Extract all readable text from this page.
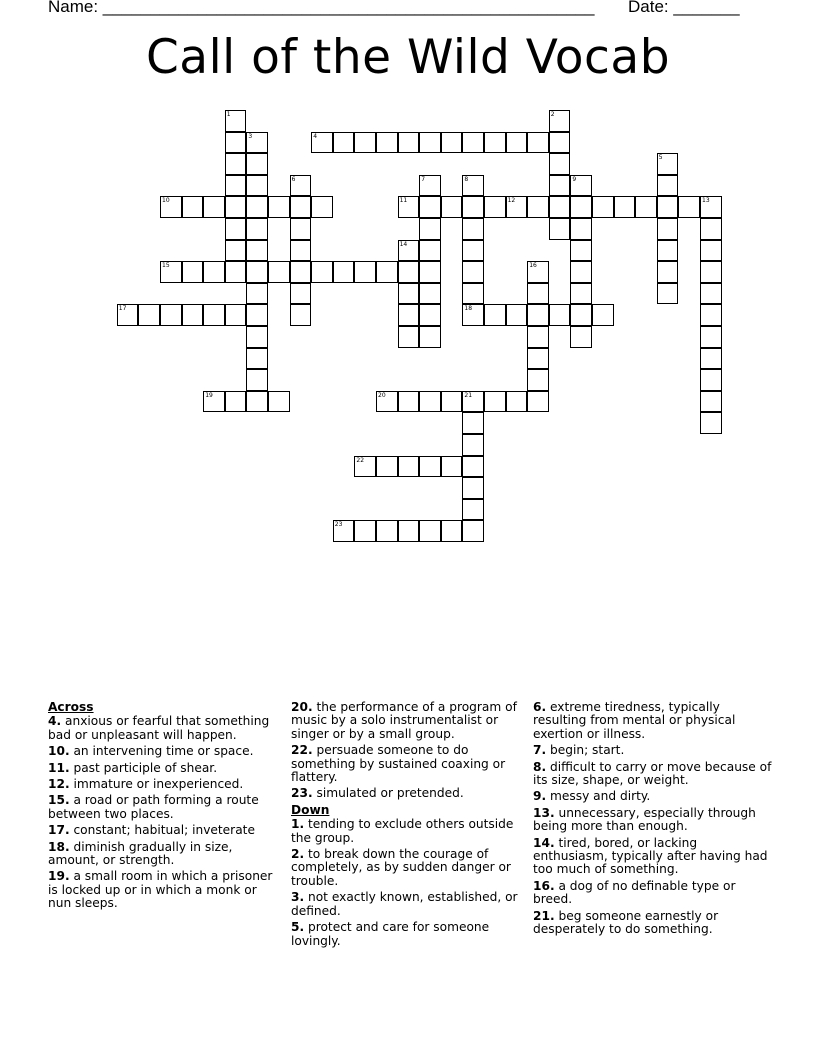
Name: ____________________________________________________ Date: _______
Call of the Wild Vocab
1	2
3	4
5
6	7	8
18
9
10	11	12	13
14
15	16
17
19	20	21
22
23
Across
4. anxious or fearful that something bad or unpleasant will happen.
10. an intervening time or space.
11. past participle of shear.
12. immature or inexperienced.
15. a road or path forming a route between two places.
17. constant; habitual; inveterate
18. diminish gradually in size, amount, or strength.
19. a small room in which a prisoner is locked up or in which a monk or nun sleeps.
20. the performance of a program of music by a solo instrumentalist or singer or by a small group.
22. persuade someone to do something by sustained coaxing or flattery.
23. simulated or pretended.
Down
1. tending to exclude others outside the group.
2. to break down the courage of completely, as by sudden danger or trouble.
3. not exactly known, established, or defined.
5. protect and care for someone lovingly.
6. extreme tiredness, typically resulting from mental or physical exertion or illness.
7. begin; start.
8. difficult to carry or move because of its size, shape, or weight.
9. messy and dirty.
13. unnecessary, especially through being more than enough.
14. tired, bored, or lacking enthusiasm, typically after having had too much of something.
16. a dog of no definable type or breed.
21. beg someone earnestly or desperately to do something.
